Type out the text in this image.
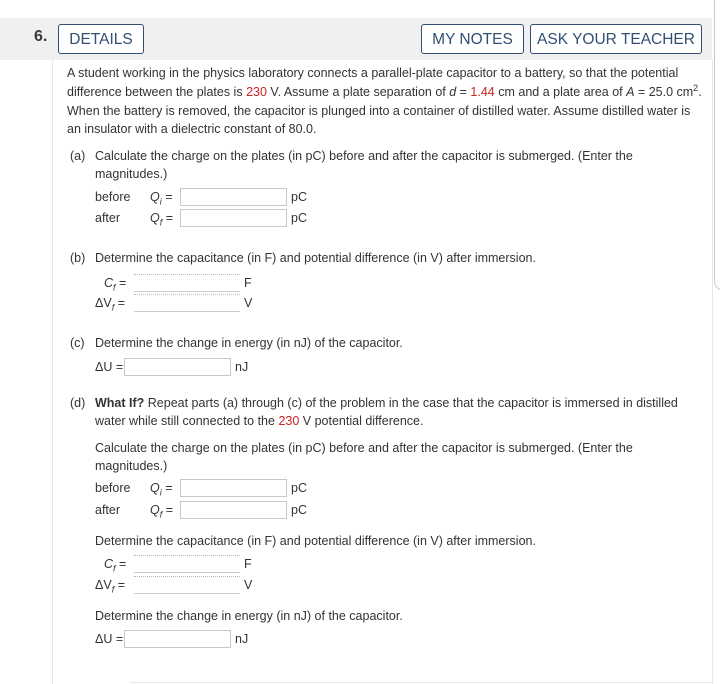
6.	DETAILS	MY NOTES	ASK YOUR TEACHER
A student working in the physics laboratory connects a parallel-plate capacitor to a battery, so that the potential
difference between the plates is 230 V. Assume a plate separation of d = 1.44 cm and a plate area of A = 25.0 $cm^2$.
When the battery is removed, the capacitor is plunged into a container of distilled water. Assume distilled water is
an insulator with a dielectric constant of 80.0.
(a) Calculate the charge on the plates (in pC) before and after the capacitor is submerged. (Enter the
magnitudes.)
before $Q_i$ =	pC
after $Q_f$ =	pC
(b) Determine the capacitance (in F) and potential difference (in V) after immersion.
$C_f$ =	F
$\Delta V_f$ =	V
(c) Determine the change in energy (in nJ) of the capacitor.
ΔU =	nJ
(d) What If? Repeat parts (a) through (c) of the problem in the case that the capacitor is immersed in distilled
water while still connected to the 230 V potential difference.
Calculate the charge on the plates (in pC) before and after the capacitor is submerged. (Enter the
magnitudes.)
before $Q_i$ =	pC
after $Q_f$ =	pC
Determine the capacitance (in F) and potential difference (in V) after immersion.
$C_f$ =	F
$\Delta V_f$ =	V
Determine the change in energy (in nJ) of the capacitor.
ΔU =	nJ
